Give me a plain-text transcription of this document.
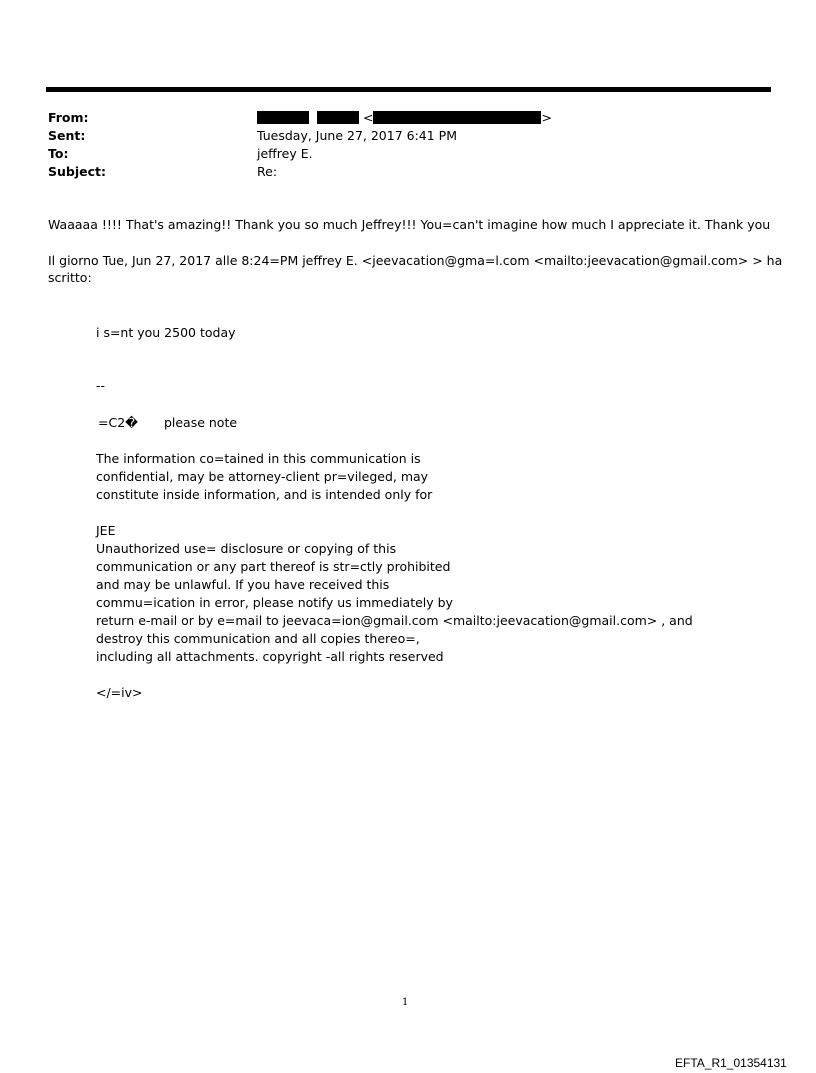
From:	<	>
Sent:	Tuesday, June 27, 2017 6:41 PM
To:	jeffrey E.
Subject:	Re:
Waaaaa !!!! That's amazing!! Thank you so much Jeffrey!!! You=can't imagine how much I appreciate it. Thank you
Il giorno Tue, Jun 27, 2017 alle 8:24=PM jeffrey E. <jeevacation@gma=l.com <mailto:jeevacation@gmail.com> > ha
scritto:
i s=nt you 2500 today
--
=C2� please note
The information co=tained in this communication is
confidential, may be attorney-client pr=vileged, may
constitute inside information, and is intended only for
JEE
Unauthorized use= disclosure or copying of this
communication or any part thereof is str=ctly prohibited
and may be unlawful. If you have received this
commu=ication in error, please notify us immediately by
return e-mail or by e=mail to jeevaca=ion@gmail.com <mailto:jeevacation@gmail.com> , and
destroy this communication and all copies thereo=,
including all attachments. copyright -all rights reserved
</=iv>
1
EFTA_R1_01354131
